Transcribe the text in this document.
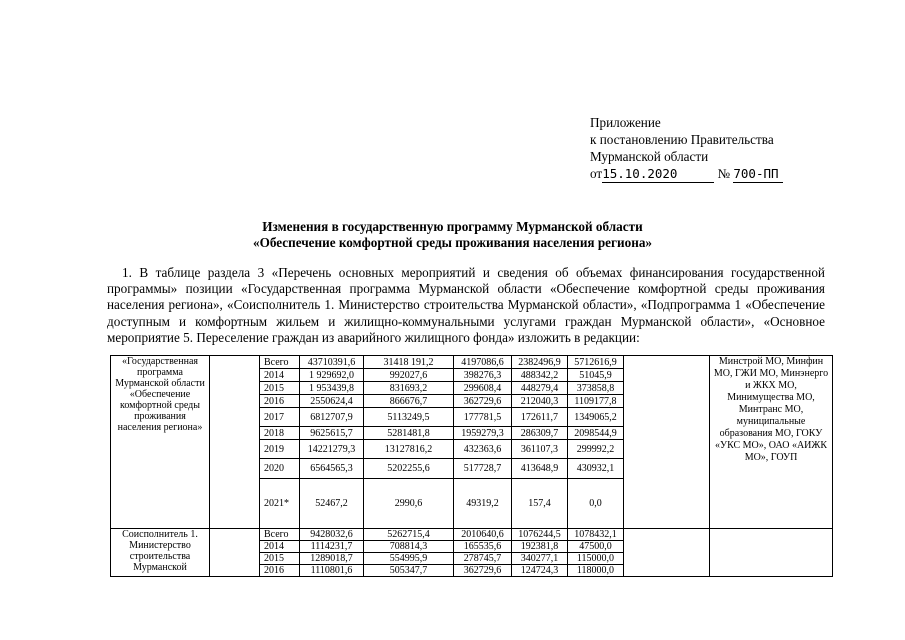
Приложение
к постановлению Правительства
Мурманской области
от15.10.2020	№ 700-ПП
Изменения в государственную программу Мурманской области
«Обеспечение комфортной среды проживания населения региона»
1. В таблице раздела 3 «Перечень основных мероприятий и сведения об объемах финансирования государственной программы» позиции «Государственная программа Мурманской области «Обеспечение комфортной среды проживания населения региона», «Соисполнитель 1. Министерство строительства Мурманской области», «Подпрограмма 1 «Обеспечение доступным и комфортным жильем и жилищно-коммунальными услугами граждан Мурманской области», «Основное мероприятие 5. Переселение граждан из аварийного жилищного фонда» изложить в редакции:
«Государственная программа Мурманской области «Обеспечение комфортной среды проживания населения региона»		Всего	43710391,6	31418 191,2	4197086,6	2382496,9	5712616,9		Минстрой МО, Минфин МО, ГЖИ МО, Минэнерго и ЖКХ МО, Минимущества МО, Минтранс МО, муниципальные образования МО, ГОКУ «УКС МО», ОАО «АИЖК МО», ГОУП
		2014	1 929692,0	992027,6	398276,3	488342,2	51045,9		
		2015	1 953439,8	831693,2	299608,4	448279,4	373858,8		
		2016	2550624,4	866676,7	362729,6	212040,3	1109177,8		
		2017	6812707,9	5113249,5	177781,5	172611,7	1349065,2		
		2018	9625615,7	5281481,8	1959279,3	286309,7	2098544,9		
		2019	14221279,3	13127816,2	432363,6	361107,3	299992,2		
		2020	6564565,3	5202255,6	517728,7	413648,9	430932,1		
		2021*	52467,2	2990,6	49319,2	157,4	0,0		
Соисполнитель 1. Министерство строительства Мурманской		Всего	9428032,6	5262715,4	2010640,6	1076244,5	1078432,1		
		2014	1114231,7	708814,3	165535,6	192381,8	47500,0		
		2015	1289018,7	554995,9	278745,7	340277,1	115000,0		
		2016	1110801,6	505347,7	362729,6	124724,3	118000,0		
